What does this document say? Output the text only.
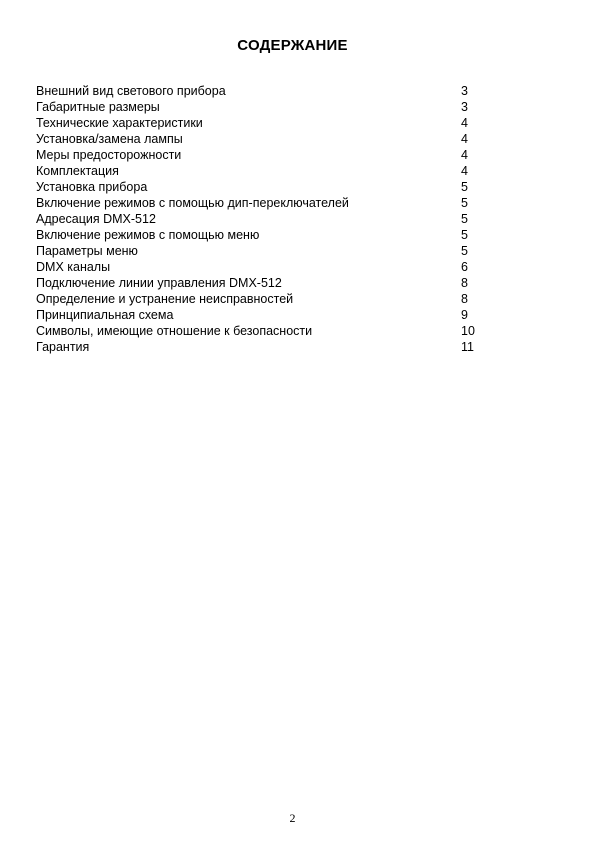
СОДЕРЖАНИЕ
Внешний вид светового прибора	3
Габаритные размеры	3
Технические характеристики	4
Установка/замена лампы	4
Меры предосторожности	4
Комплектация	4
Установка прибора	5
Включение режимов с помощью дип-переключателей	5
Адресация DMX-512	5
Включение режимов с помощью меню	5
Параметры меню	5
DMX каналы	6
Подключение линии управления DMX-512	8
Определение и устранение неисправностей	8
Принципиальная схема	9
Символы, имеющие отношение к безопасности	10
Гарантия	11
2
